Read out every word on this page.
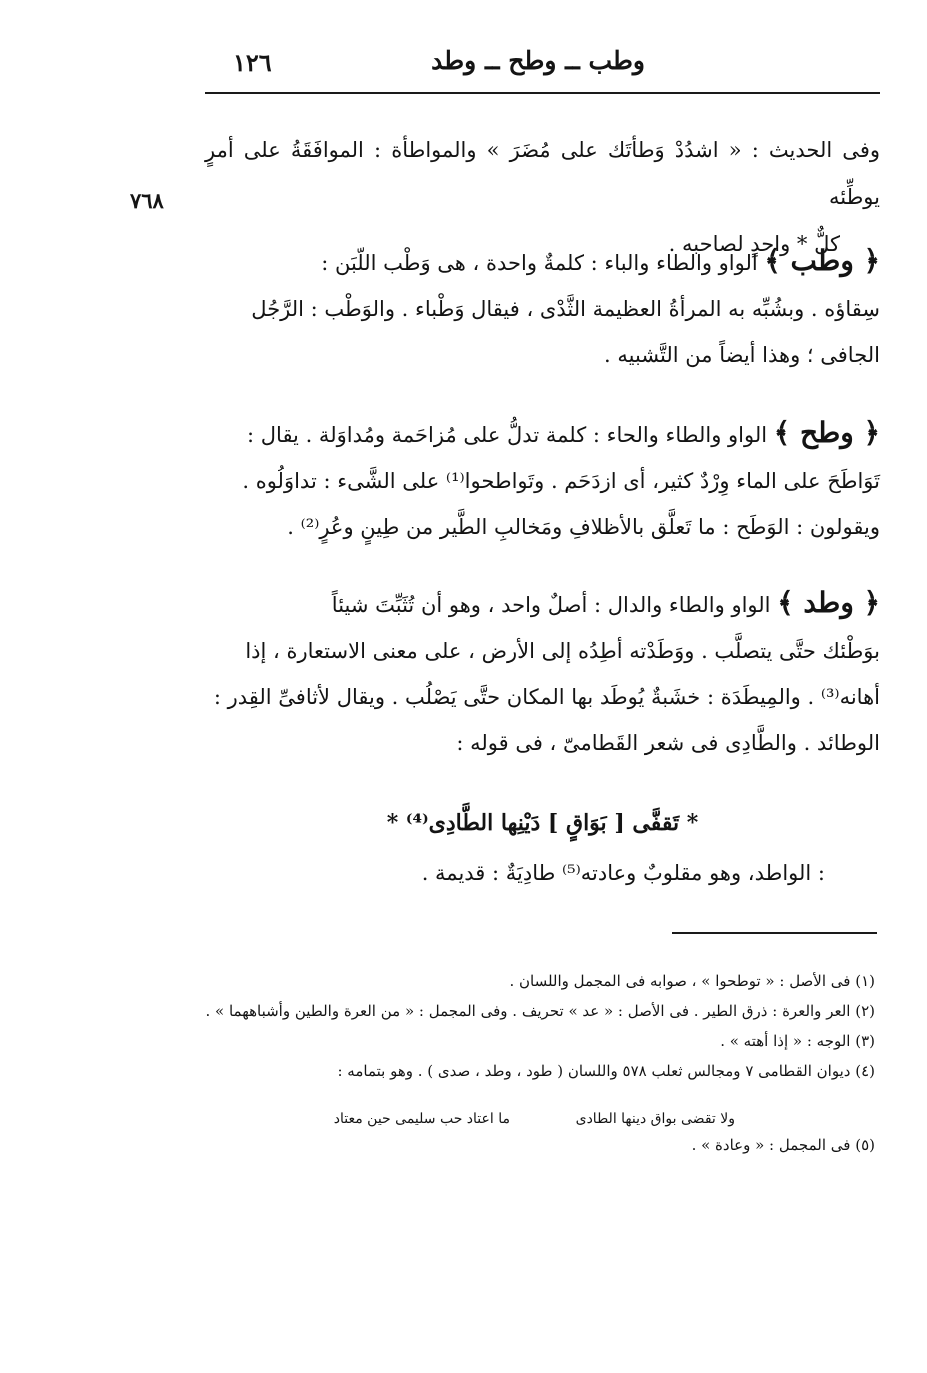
وطب ــ وطح ــ وطد
١٢٦
٧٦٨

وفى الحديث : « اشدُدْ وَطأتَك على مُضَرَ » والمواطأة : الموافَقَةُ على أمرٍ يوطِّئه

كلٌّ * واحدٍ لصاحبه .

﴿ وطب ﴾ الواو والطاء والباء : كلمةٌ واحدة ، هى وَطْب اللّبَن :

سِقاؤه . وبشُبِّه به المرأةُ العظيمة الثَّدْى ، فيقال وَطْباء . والوَطْب : الرَّجُل

الجافى ؛ وهذا أيضاً من التَّشبيه .

﴿ وطح ﴾ الواو والطاء والحاء : كلمة تدلُّ على مُزاحَمة ومُداوَلة . يقال :

تَوَاطَحَ على الماء وِرْدٌ كثير، أى ازدَحَم . وتَواطحوا⁽¹⁾ على الشَّىء : تداوَلُوه .

ويقولون : الوَطَح : ما تَعلَّق بالأظلافِ ومَخالبِ الطَّير من طِينٍ وعُرٍ⁽²⁾ .

﴿ وطد ﴾ الواو والطاء والدال : أصلٌ واحد ، وهو أن تُثَبِّتَ شيئاً

بوَطْئك حتَّى يتصلَّب . ووَطَدْته أطِدُه إلى الأرض ، على معنى الاستعارة ، إذا

أهانه⁽³⁾ . والمِيطَدَة : خشَبةٌ يُوطَد بها المكان حتَّى يَصْلُب . ويقال لأثافىِّ القِدر :

الوطائد . والطَّادِى فى شعر القَطامىّ ، فى قوله :

* تَقفَّى [ بَوَاقٍ ] دَيْنِها الطَّادِى⁽⁴⁾ *
: الواطد، وهو مقلوبٌ وعادته⁽⁵⁾ طادِيَةٌ : قديمة .

(١) فى الأصل : « توطحوا » ، صوابه فى المجمل واللسان .

(٢) العر والعرة : ذرق الطير . فى الأصل : « عد » تحريف . وفى المجمل : « من العرة والطين وأشباههما » .

(٣) الوجه : « إذا أهته » .

(٤) ديوان القطامى ٧ ومجالس ثعلب ٥٧٨ واللسان ( طود ، وطد ، صدى ) . وهو بتمامه :

ما اعتاد حب سليمى حين معتاد	ولا تقضى بواق دينها الطادى

(٥) فى المجمل : « وعادة » .
